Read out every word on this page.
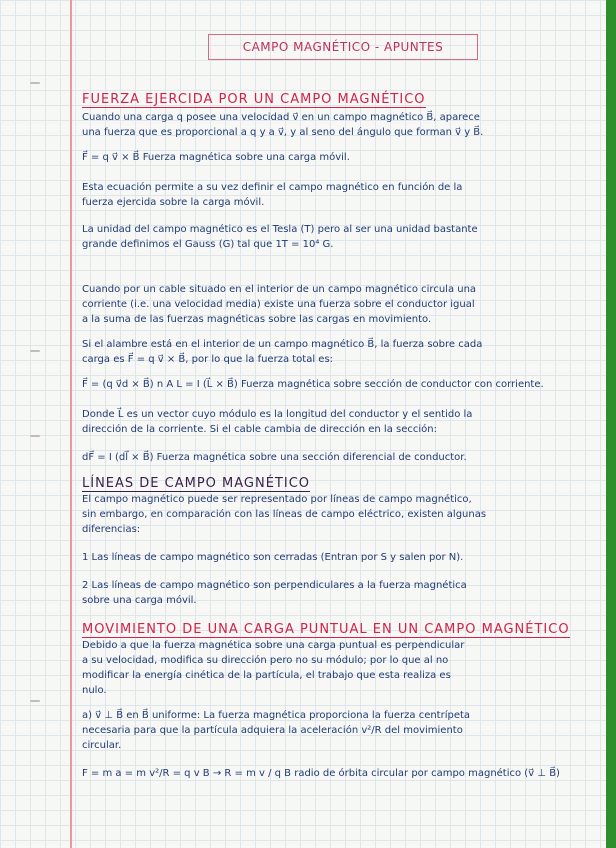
CAMPO MAGNÉTICO - APUNTES
FUERZA EJERCIDA POR UN CAMPO MAGNÉTICO
Cuando una carga q posee una velocidad v⃗ en un campo magnético B⃗, aparece
una fuerza que es proporcional a q y a v⃗, y al seno del ángulo que forman v⃗ y B⃗.
F⃗ = q v⃗ × B⃗ Fuerza magnética sobre una carga móvil.
Esta ecuación permite a su vez definir el campo magnético en función de la
fuerza ejercida sobre la carga móvil.
La unidad del campo magnético es el Tesla (T) pero al ser una unidad bastante
grande definimos el Gauss (G) tal que 1T = 10⁴ G.
Cuando por un cable situado en el interior de un campo magnético circula una
corriente (i.e. una velocidad media) existe una fuerza sobre el conductor igual
a la suma de las fuerzas magnéticas sobre las cargas en movimiento.
Si el alambre está en el interior de un campo magnético B⃗, la fuerza sobre cada
carga es F⃗ = q v⃗ × B⃗, por lo que la fuerza total es:
F⃗ = (q v⃗d × B⃗) n A L = I (L⃗ × B⃗) Fuerza magnética sobre sección de conductor con corriente.
Donde L⃗ es un vector cuyo módulo es la longitud del conductor y el sentido la
dirección de la corriente. Si el cable cambia de dirección en la sección:
dF⃗ = I (dl⃗ × B⃗) Fuerza magnética sobre una sección diferencial de conductor.
LÍNEAS DE CAMPO MAGNÉTICO
El campo magnético puede ser representado por líneas de campo magnético,
sin embargo, en comparación con las líneas de campo eléctrico, existen algunas
diferencias:
1 Las líneas de campo magnético son cerradas (Entran por S y salen por N).
2 Las líneas de campo magnético son perpendiculares a la fuerza magnética
sobre una carga móvil.
MOVIMIENTO DE UNA CARGA PUNTUAL EN UN CAMPO MAGNÉTICO
Debido a que la fuerza magnética sobre una carga puntual es perpendicular
a su velocidad, modifica su dirección pero no su módulo; por lo que al no
modificar la energía cinética de la partícula, el trabajo que esta realiza es
nulo.
a) v⃗ ⊥ B⃗ en B⃗ uniforme: La fuerza magnética proporciona la fuerza centrípeta
necesaria para que la partícula adquiera la aceleración v²/R del movimiento
circular.
F = m a = m v²/R = q v B → R = m v / q B radio de órbita circular por campo magnético (v⃗ ⊥ B⃗)
